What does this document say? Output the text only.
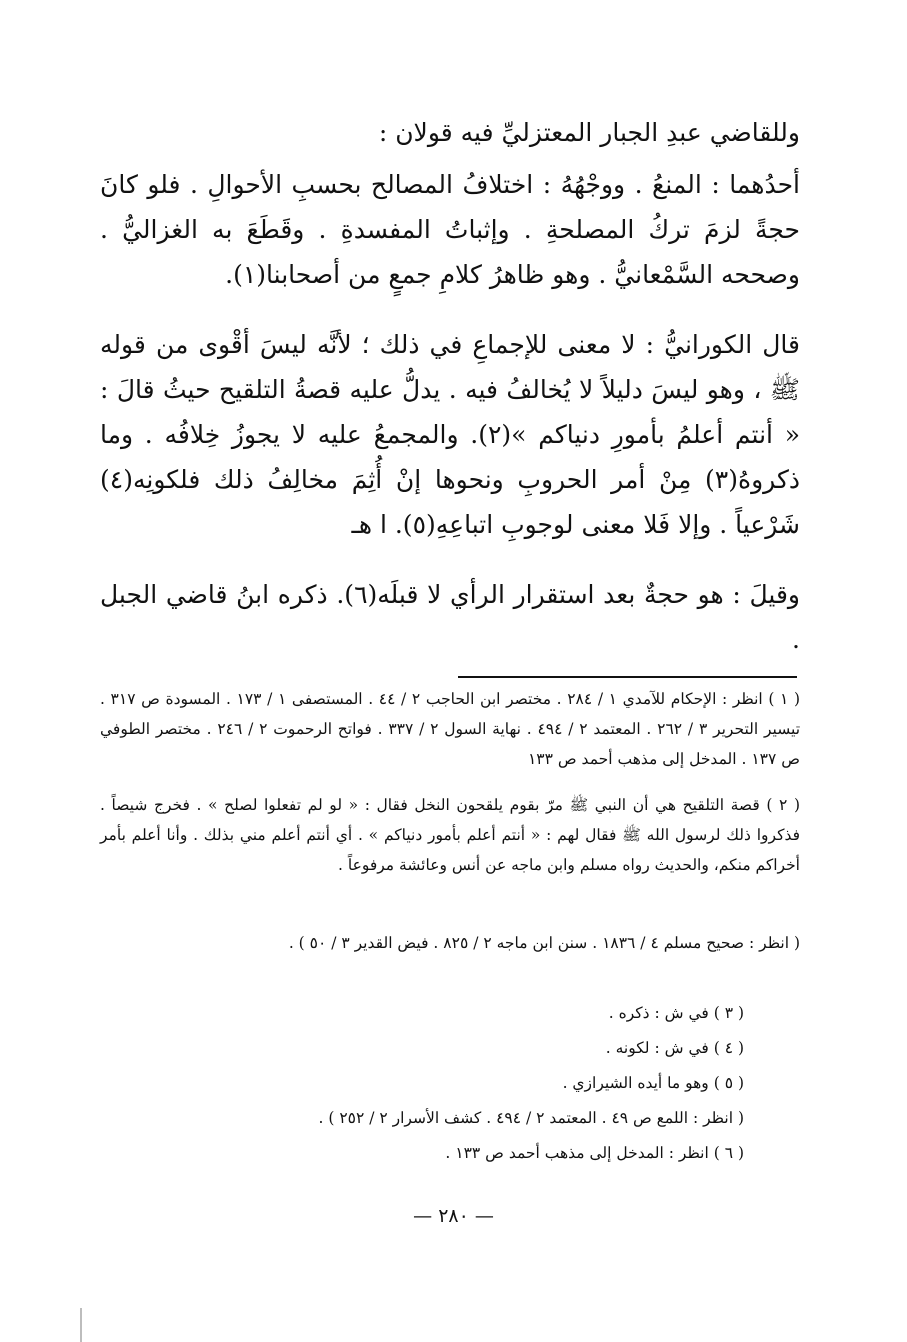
وللقاضي عبدِ الجبار المعتزليِّ فيه قولان :

أحدُهما : المنعُ . ووجْهُهُ : اختلافُ المصالح بحسبِ الأحوالِ . فلو كانَ حجةً لزمَ تركُ المصلحةِ . وإثباتُ المفسدةِ . وقَطَعَ به الغزاليُّ . وصححه السَّمْعانيُّ . وهو ظاهرُ كلامِ جمعٍ من أصحابنا(١).

قال الكورانيُّ : لا معنى للإجماعِ في ذلك ؛ لأنَّه ليسَ أقْوى من قوله ﷺ ، وهو ليسَ دليلاً لا يُخالفُ فيه . يدلُّ عليه قصةُ التلقيح حيثُ قالَ : « أنتم أعلمُ بأمورِ دنياكم »(٢). والمجمعُ عليه لا يجوزُ خِلافُه . وما ذكروهُ(٣) مِنْ أمر الحروبِ ونحوها إنْ أُثِمَ مخالِفُ ذلك فلكونِه(٤) شَرْعياً . وإلا فَلا معنى لوجوبِ اتباعِهِ(٥). ا هـ

وقيلَ : هو حجةٌ بعد استقرار الرأي لا قبلَه(٦). ذكره ابنُ قاضي الجبل .

( ١ ) انظر : الإحكام للآمدي ١ / ٢٨٤ . مختصر ابن الحاجب ٢ / ٤٤ . المستصفى ١ / ١٧٣ . المسودة ص ٣١٧ . تيسير التحرير ٣ / ٢٦٢ . المعتمد ٢ / ٤٩٤ . نهاية السول ٢ / ٣٣٧ . فواتح الرحموت ٢ / ٢٤٦ . مختصر الطوفي ص ١٣٧ . المدخل إلى مذهب أحمد ص ١٣٣

( ٢ ) قصة التلقيح هي أن النبي ﷺ مرّ بقوم يلقحون النخل فقال : « لو لم تفعلوا لصلح » . فخرج شيصاً . فذكروا ذلك لرسول الله ﷺ فقال لهم : « أنتم أعلم بأمور دنياكم » . أي أنتم أعلم مني بذلك . وأنا أعلم بأمر أخراكم منكم، والحديث رواه مسلم وابن ماجه عن أنس وعائشة مرفوعاً .

( انظر : صحيح مسلم ٤ / ١٨٣٦ . سنن ابن ماجه ٢ / ٨٢٥ . فيض القدير ٣ / ٥٠ ) .
( ٣ ) في ش : ذكره .
( ٤ ) في ش : لكونه .
( ٥ ) وهو ما أيده الشيرازي .
( انظر : اللمع ص ٤٩ . المعتمد ٢ / ٤٩٤ . كشف الأسرار ٢ / ٢٥٢ ) .
( ٦ ) انظر : المدخل إلى مذهب أحمد ص ١٣٣ .
— ٢٨٠ —
